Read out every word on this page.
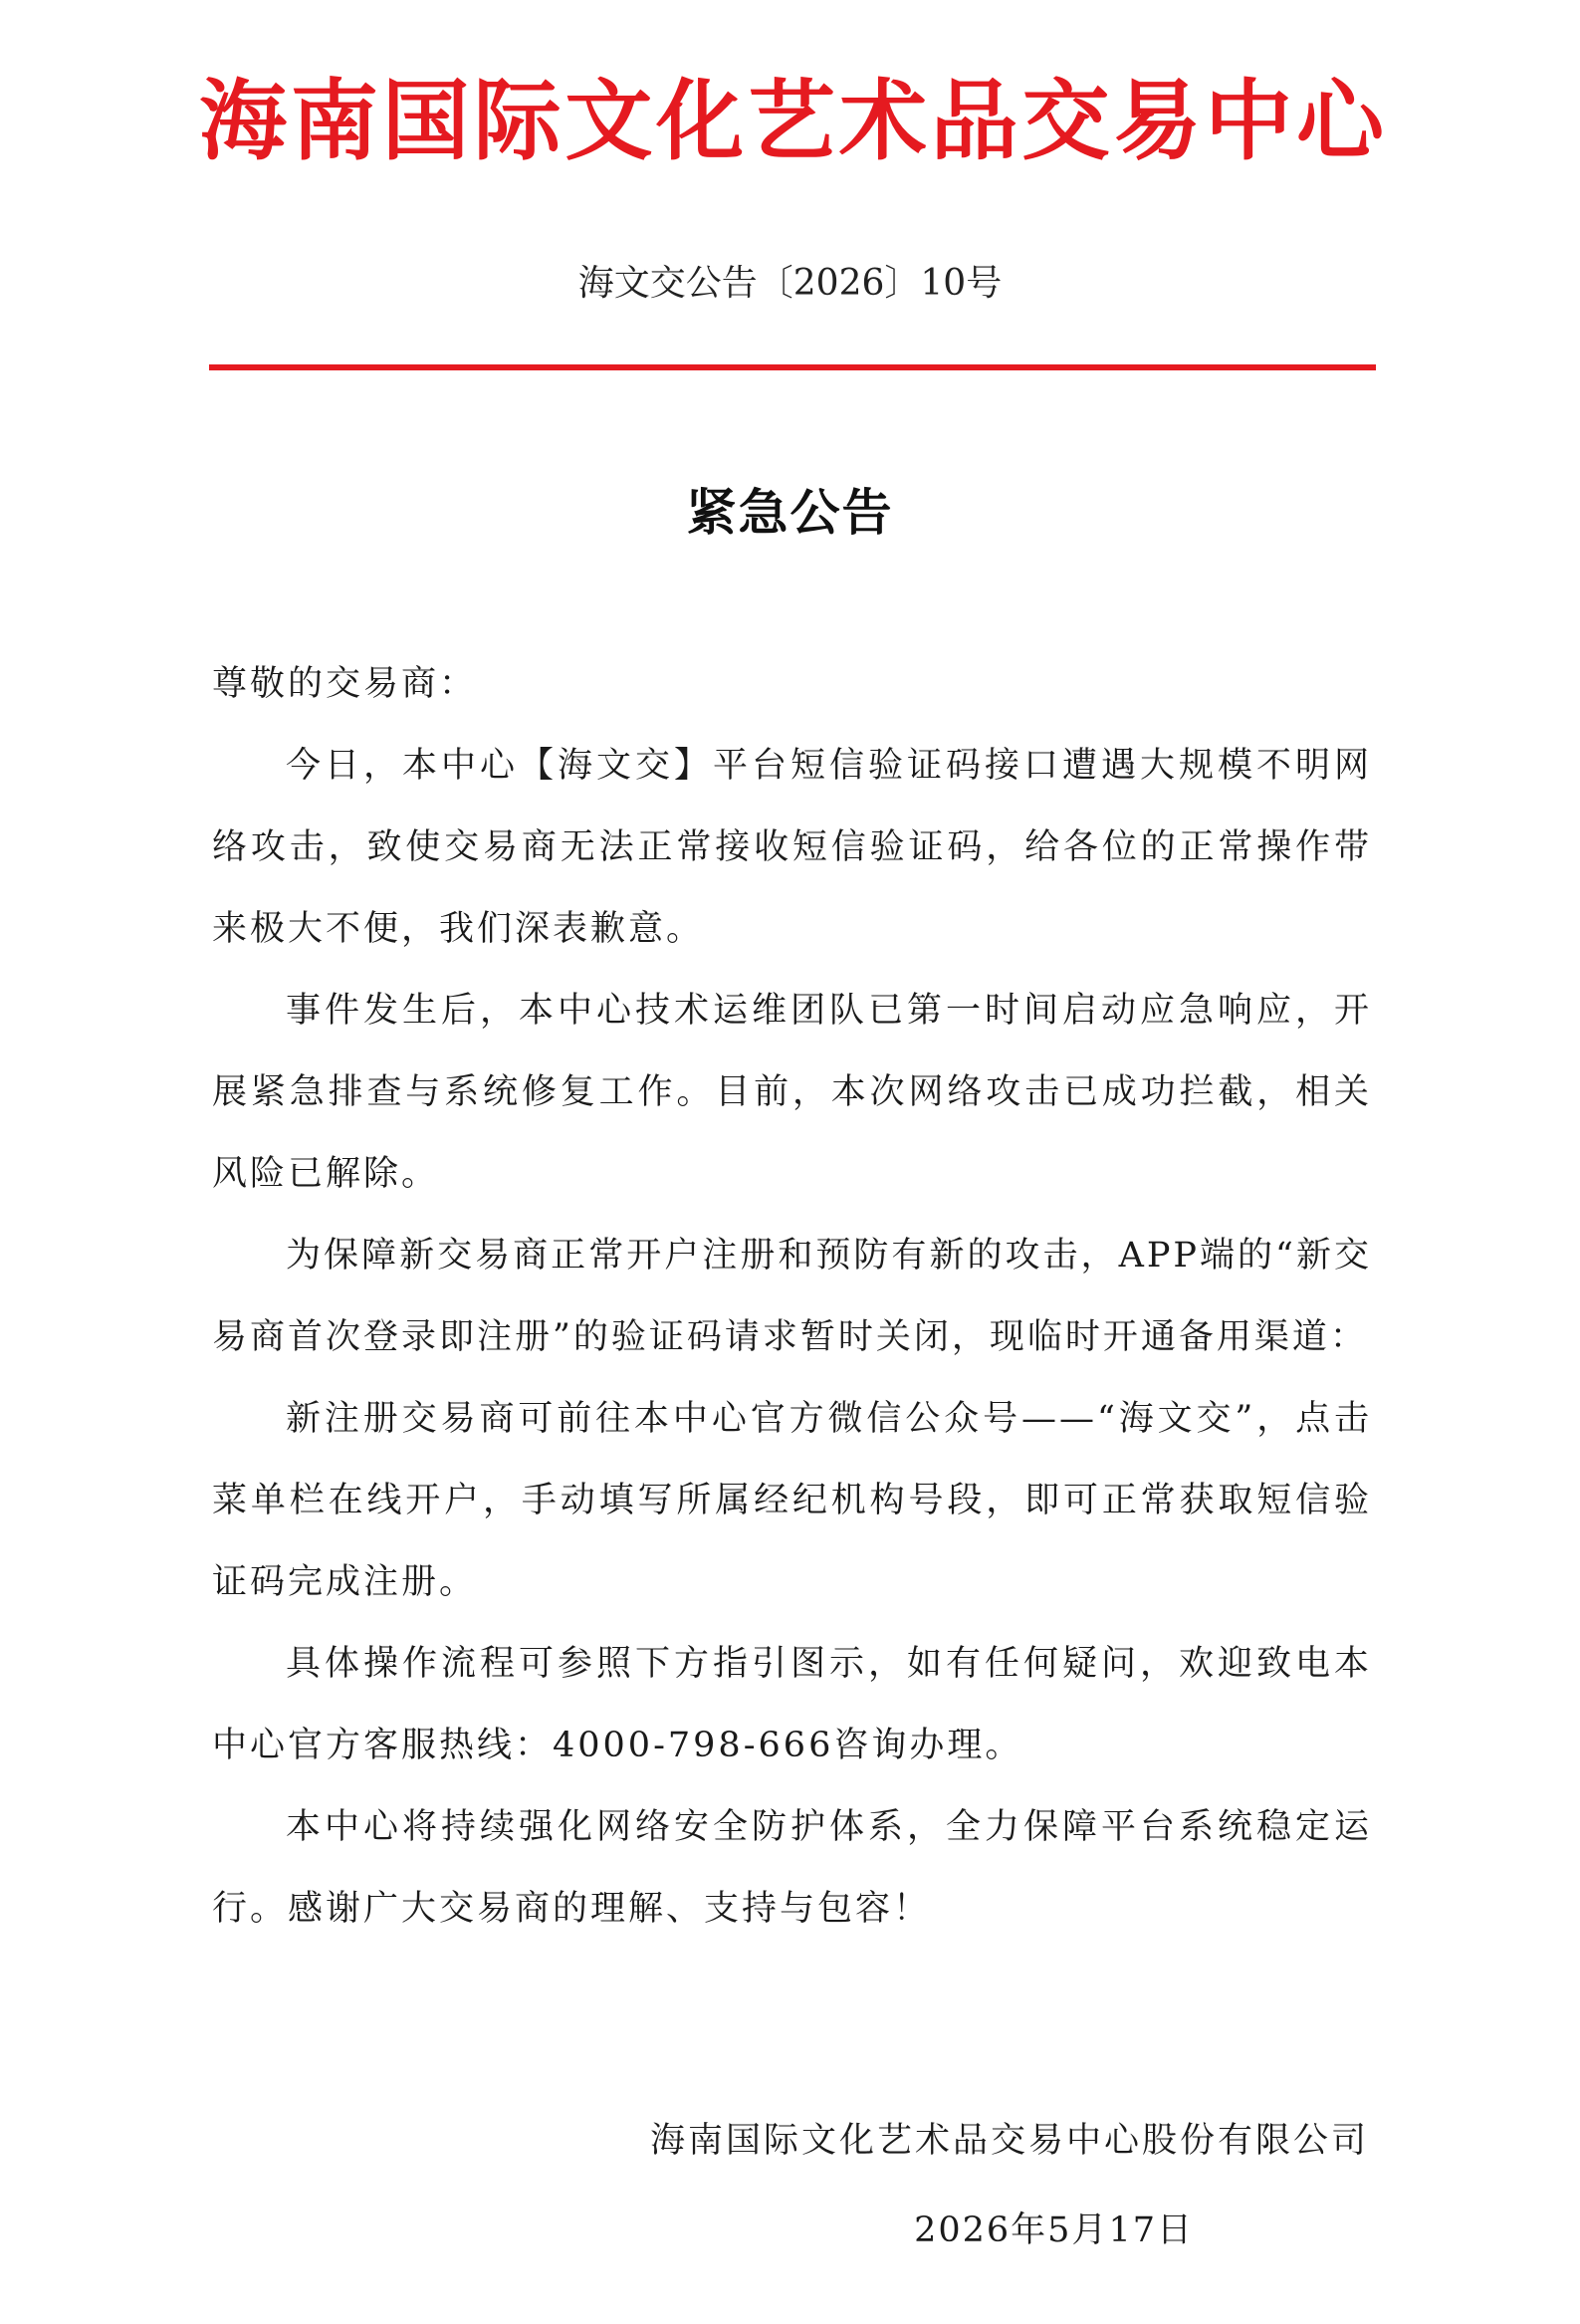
海南国际文化艺术品交易中心
海文交公告〔2026〕10号
紧急公告

尊敬的交易商：

今日，本中心【海文交】平台短信验证码接口遭遇大规模不明网络攻击，致使交易商无法正常接收短信验证码，给各位的正常操作带来极大不便，我们深表歉意。

事件发生后，本中心技术运维团队已第一时间启动应急响应，开展紧急排查与系统修复工作。目前，本次网络攻击已成功拦截，相关风险已解除。

为保障新交易商正常开户注册和预防有新的攻击，APP端的“新交易商首次登录即注册”的验证码请求暂时关闭，现临时开通备用渠道：

新注册交易商可前往本中心官方微信公众号——“海文交”，点击菜单栏在线开户，手动填写所属经纪机构号段，即可正常获取短信验证码完成注册。

具体操作流程可参照下方指引图示，如有任何疑问，欢迎致电本中心官方客服热线：4000-798-666咨询办理。

本中心将持续强化网络安全防护体系，全力保障平台系统稳定运行。感谢广大交易商的理解、支持与包容！

海南国际文化艺术品交易中心股份有限公司
2026年5月17日
